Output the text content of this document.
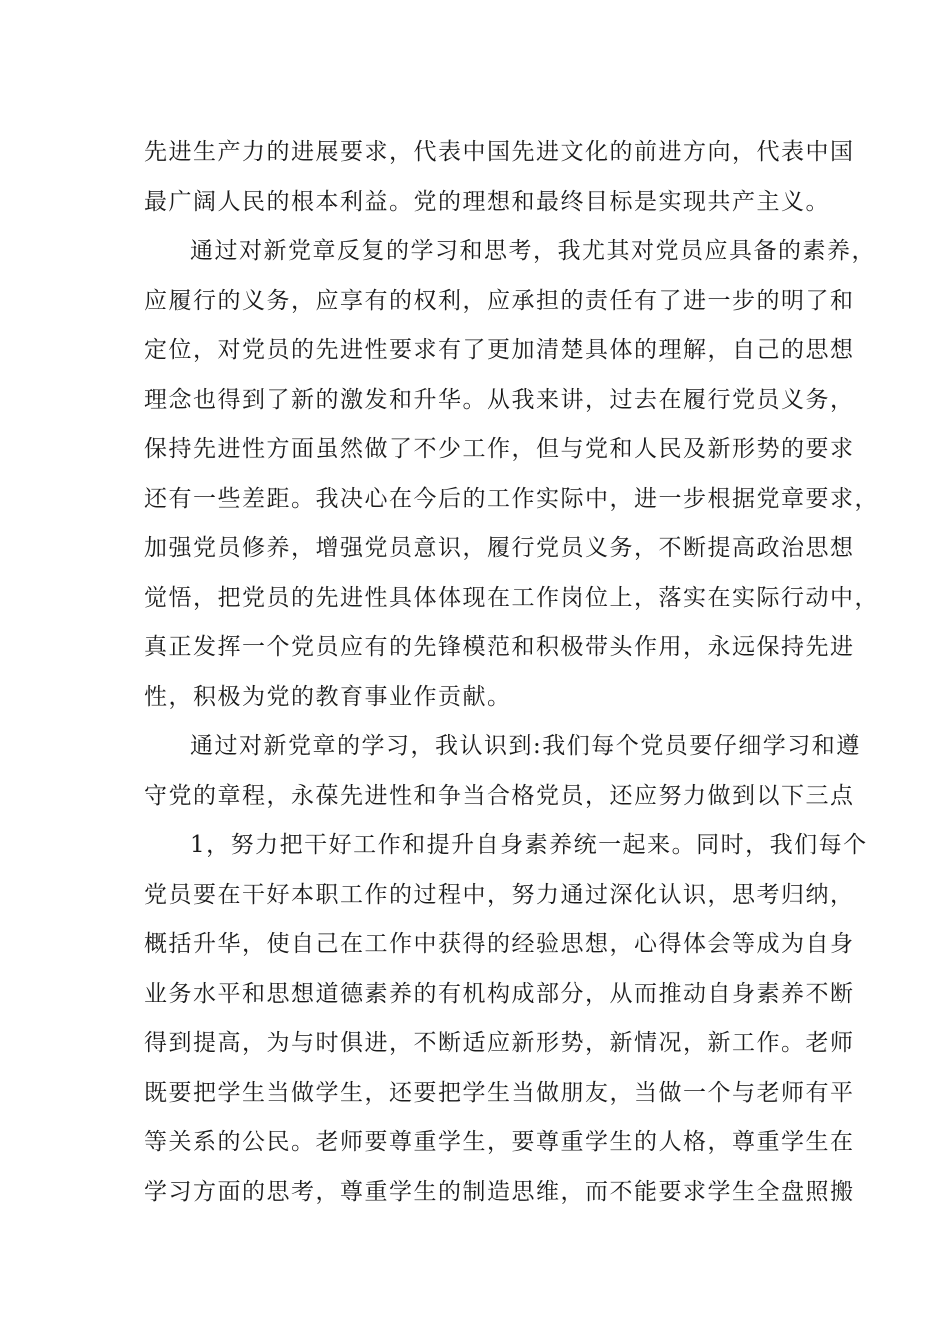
先进生产力的进展要求，代表中国先进文化的前进方向，代表中国
最广阔人民的根本利益。党的理想和最终目标是实现共产主义。
通过对新党章反复的学习和思考，我尤其对党员应具备的素养，
应履行的义务，应享有的权利，应承担的责任有了进一步的明了和
定位，对党员的先进性要求有了更加清楚具体的理解，自己的思想
理念也得到了新的激发和升华。从我来讲，过去在履行党员义务，
保持先进性方面虽然做了不少工作，但与党和人民及新形势的要求
还有一些差距。我决心在今后的工作实际中，进一步根据党章要求，
加强党员修养，增强党员意识，履行党员义务，不断提高政治思想
觉悟，把党员的先进性具体体现在工作岗位上，落实在实际行动中，
真正发挥一个党员应有的先锋模范和积极带头作用，永远保持先进
性，积极为党的教育事业作贡献。
通过对新党章的学习，我认识到:我们每个党员要仔细学习和遵
守党的章程，永葆先进性和争当合格党员，还应努力做到以下三点
1，努力把干好工作和提升自身素养统一起来。同时，我们每个
党员要在干好本职工作的过程中，努力通过深化认识，思考归纳，
概括升华，使自己在工作中获得的经验思想，心得体会等成为自身
业务水平和思想道德素养的有机构成部分，从而推动自身素养不断
得到提高，为与时俱进，不断适应新形势，新情况，新工作。老师
既要把学生当做学生，还要把学生当做朋友，当做一个与老师有平
等关系的公民。老师要尊重学生，要尊重学生的人格，尊重学生在
学习方面的思考，尊重学生的制造思维，而不能要求学生全盘照搬
